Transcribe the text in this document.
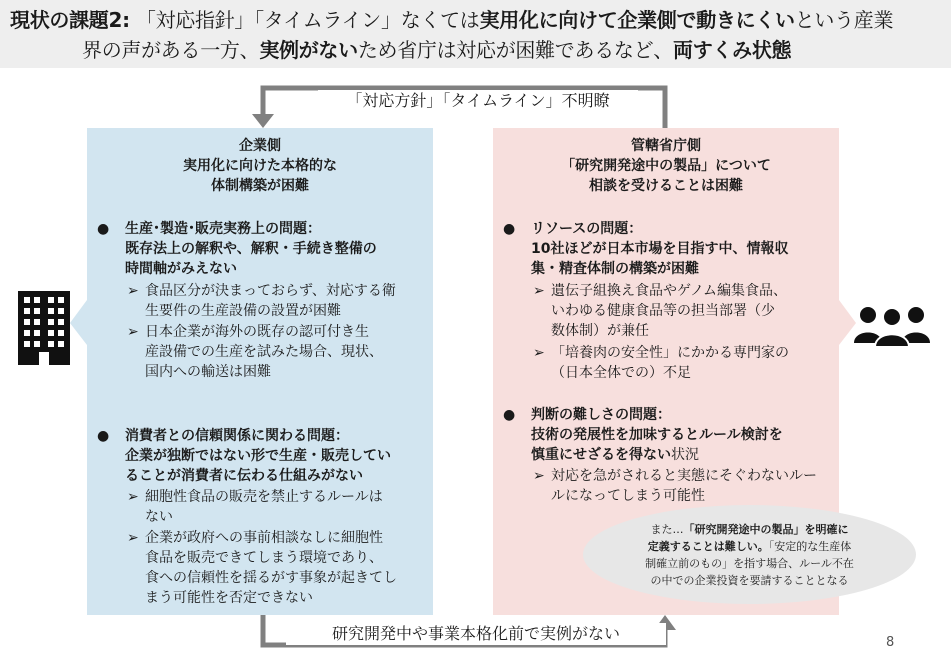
現状の課題2: 「対応指針」「タイムライン」なくては実用化に向けて企業側で動きにくいという産業
界の声がある一方、実例がないため省庁は対応が困難であるなど、両すくみ状態
「対応方針」「タイムライン」不明瞭
研究開発中や事業本格化前で実例がない
企業側
実用化に向けた本格的な
体制構築が困難
● 生産･製造･販売実務上の問題：
既存法上の解釈や、解釈・手続き整備の
時間軸がみえない
➢ 食品区分が決まっておらず、対応する衛
生要件の生産設備の設置が困難
➢ 日本企業が海外の既存の認可付き生
産設備での生産を試みた場合、現状、
国内への輸送は困難
● 消費者との信頼関係に関わる問題：
企業が独断ではない形で生産・販売してい
ることが消費者に伝わる仕組みがない
➢ 細胞性食品の販売を禁止するルールは
ない
➢ 企業が政府への事前相談なしに細胞性
食品を販売できてしまう環境であり、
食への信頼性を揺るがす事象が起きてし
まう可能性を否定できない
管轄省庁側
「研究開発途中の製品」について
相談を受けることは困難
● リソースの問題：
10社ほどが日本市場を目指す中、情報収
集・精査体制の構築が困難
➢ 遺伝子組換え食品やゲノム編集食品、
いわゆる健康食品等の担当部署（少
数体制）が兼任
➢ 「培養肉の安全性」にかかる専門家の
（日本全体での）不足
● 判断の難しさの問題：
技術の発展性を加味するとルール検討を
慎重にせざるを得ない状況
➢ 対応を急がされると実態にそぐわないルー
ルになってしまう可能性
また…「研究開発途中の製品」を明確に
定義することは難しい。「安定的な生産体
制確立前のもの」を指す場合、ルール不在
の中での企業投資を要請することとなる
8
